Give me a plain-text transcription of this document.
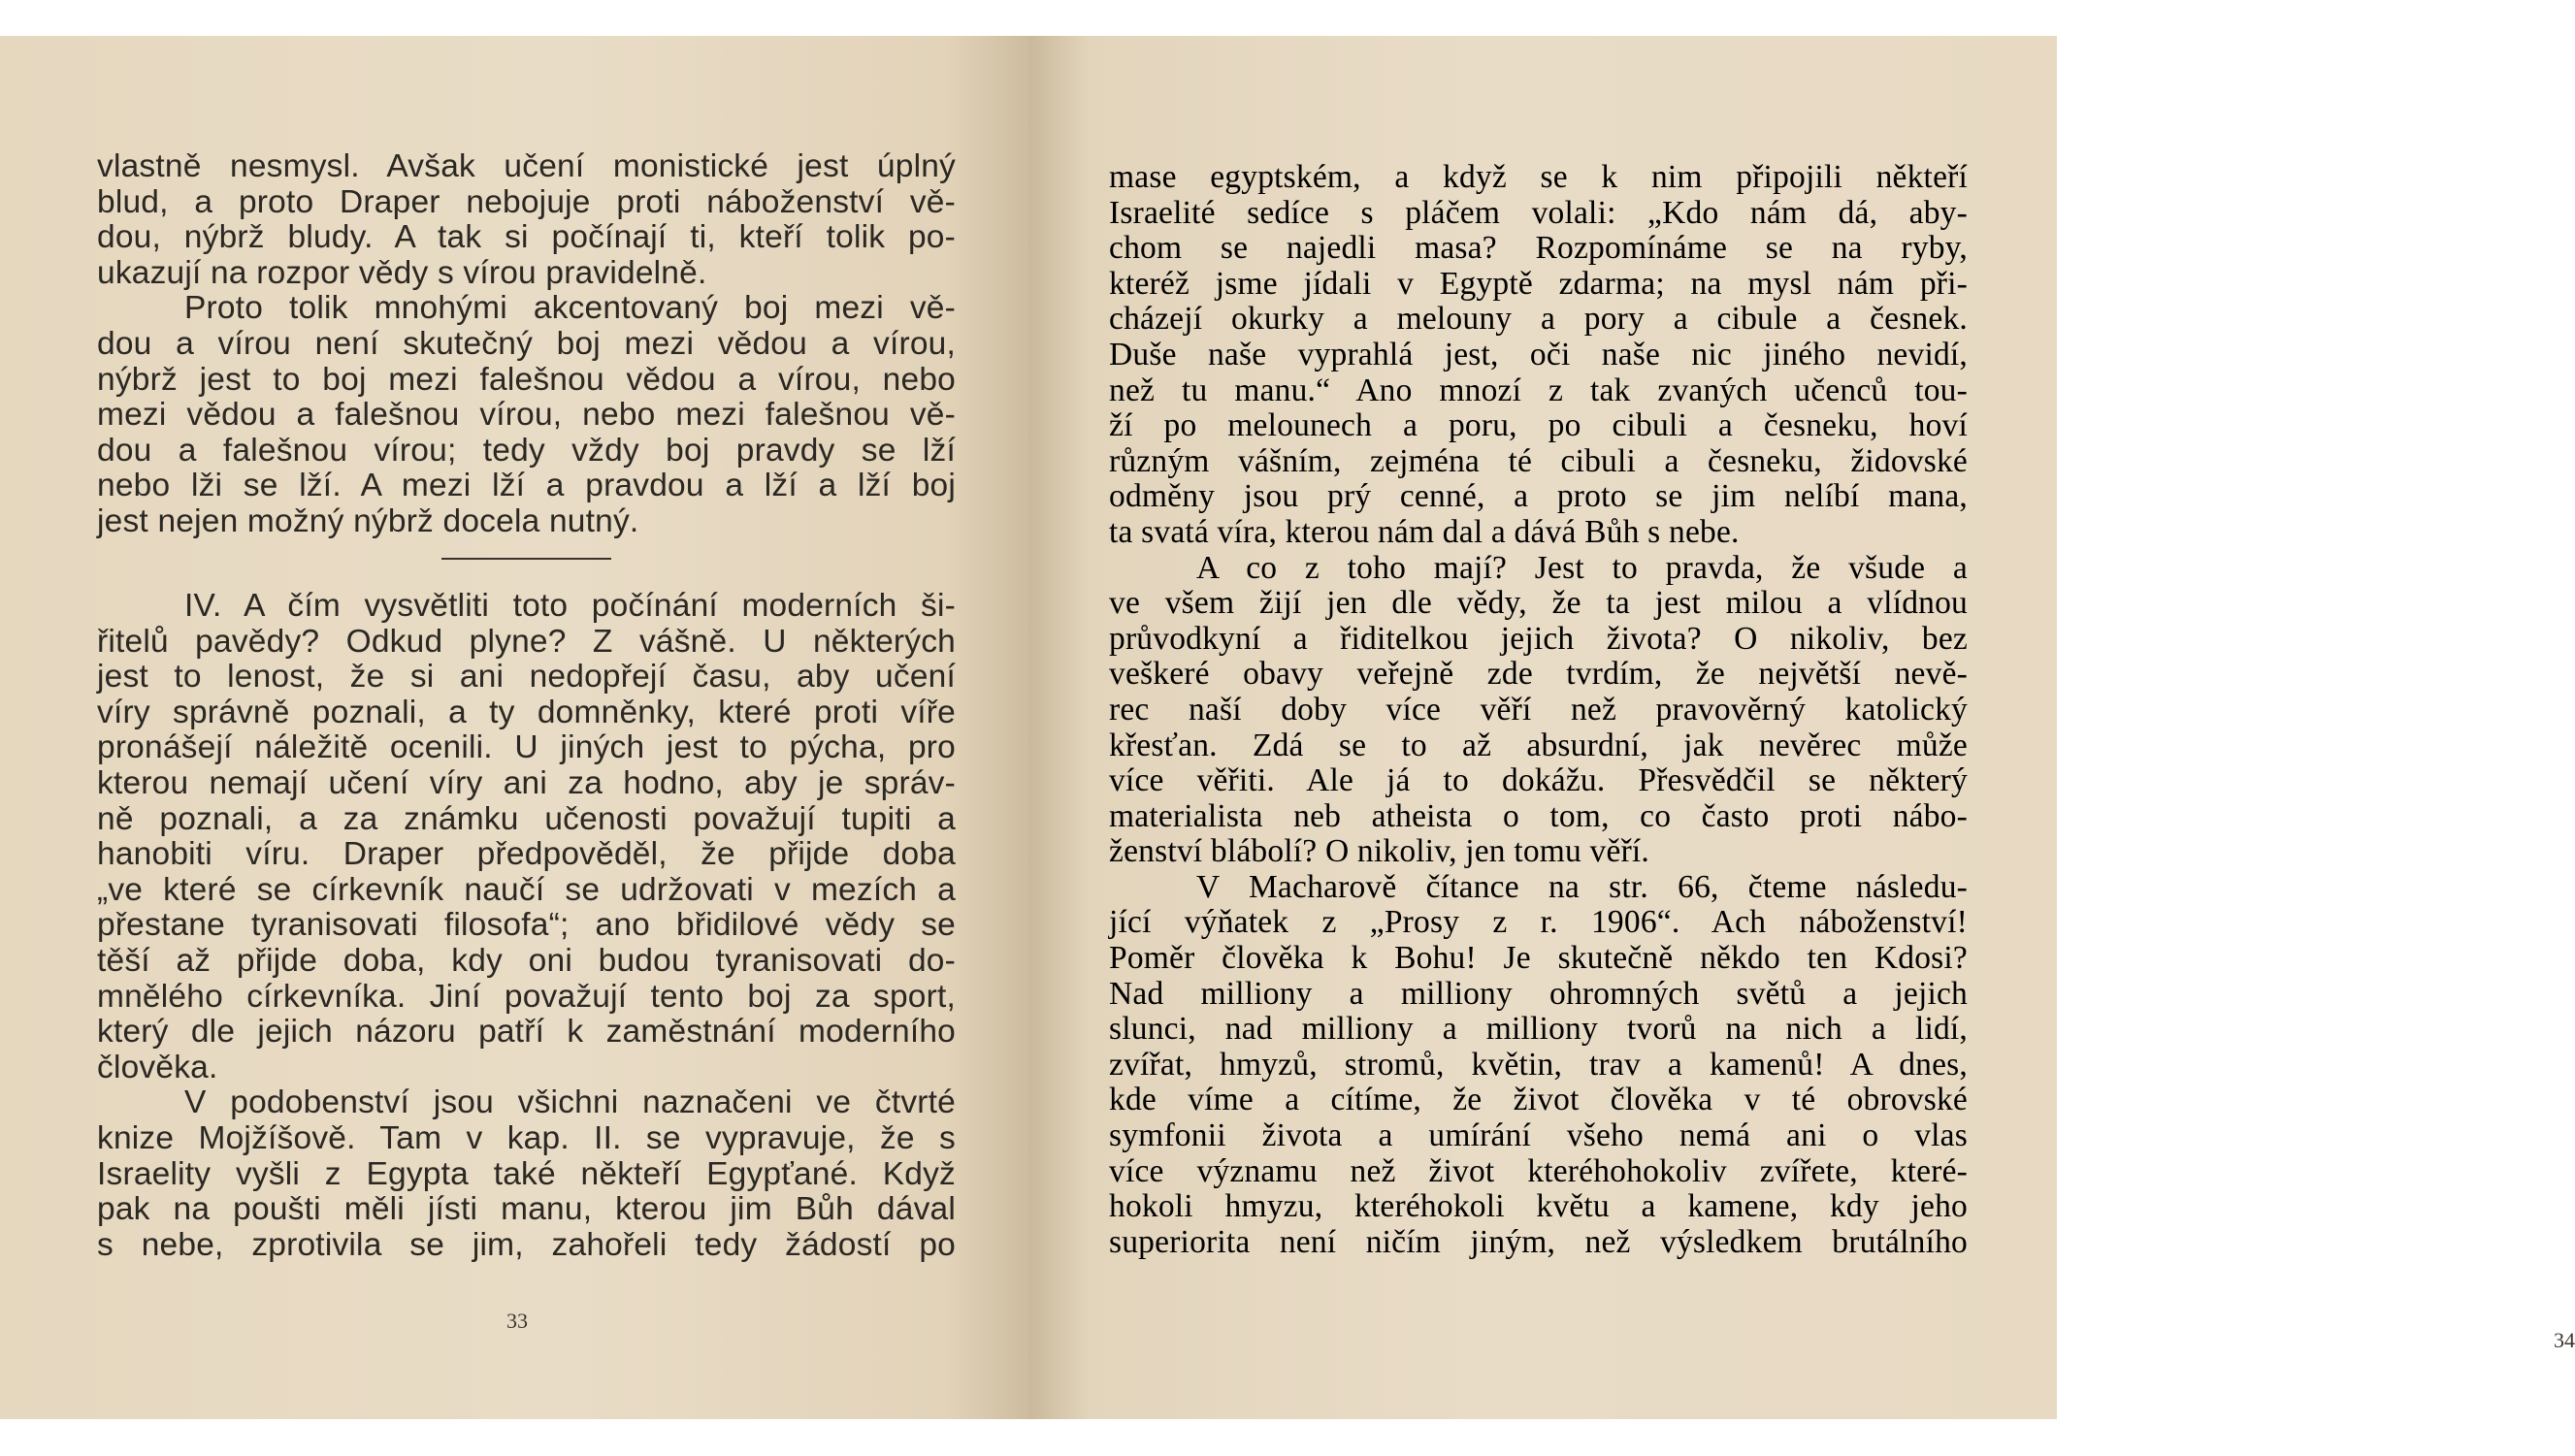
vlastně nesmysl. Avšak učení monistické jest úplný
blud, a proto Draper nebojuje proti náboženství vě-
dou, nýbrž bludy. A tak si počínají ti, kteří tolik po-
ukazují na rozpor vědy s vírou pravidelně.
Proto tolik mnohými akcentovaný boj mezi vě-
dou a vírou není skutečný boj mezi vědou a vírou,
nýbrž jest to boj mezi falešnou vědou a vírou, nebo
mezi vědou a falešnou vírou, nebo mezi falešnou vě-
dou a falešnou vírou; tedy vždy boj pravdy se lží
nebo lži se lží. A mezi lží a pravdou a lží a lží boj
jest nejen možný nýbrž docela nutný.
IV. A čím vysvětliti toto počínání moderních ši-
řitelů pavědy? Odkud plyne? Z vášně. U některých
jest to lenost, že si ani nedopřejí času, aby učení
víry správně poznali, a ty domněnky, které proti víře
pronášejí náležitě ocenili. U jiných jest to pýcha, pro
kterou nemají učení víry ani za hodno, aby je správ-
ně poznali, a za známku učenosti považují tupiti a
hanobiti víru. Draper předpověděl, že přijde doba
„ve které se církevník naučí se udržovati v mezích a
přestane tyranisovati filosofa“; ano břidilové vědy se
těší až přijde doba, kdy oni budou tyranisovati do-
mnělého církevníka. Jiní považují tento boj za sport,
který dle jejich názoru patří k zaměstnání moderního
člověka.
V podobenství jsou všichni naznačeni ve čtvrté
knize Mojžíšově. Tam v kap. II. se vypravuje, že s
Israelity vyšli z Egypta také někteří Egypťané. Když
pak na poušti měli jísti manu, kterou jim Bůh dával
s nebe, zprotivila se jim, zahořeli tedy žádostí po
33
34
mase egyptském, a když se k nim připojili někteří
Israelité sedíce s pláčem volali: „Kdo nám dá, aby-
chom se najedli masa? Rozpomínáme se na ryby,
kteréž jsme jídali v Egyptě zdarma; na mysl nám při-
cházejí okurky a melouny a pory a cibule a česnek.
Duše naše vyprahlá jest, oči naše nic jiného nevidí,
než tu manu.“ Ano mnozí z tak zvaných učenců tou-
ží po melounech a poru, po cibuli a česneku, hoví
různým vášním, zejména té cibuli a česneku, židovské
odměny jsou prý cenné, a proto se jim nelíbí mana,
ta svatá víra, kterou nám dal a dává Bůh s nebe.
A co z toho mají? Jest to pravda, že všude a
ve všem žijí jen dle vědy, že ta jest milou a vlídnou
průvodkyní a řiditelkou jejich života? O nikoliv, bez
veškeré obavy veřejně zde tvrdím, že největší nevě-
rec naší doby více věří než pravověrný katolický
křesťan. Zdá se to až absurdní, jak nevěrec může
více věřiti. Ale já to dokážu. Přesvědčil se některý
materialista neb atheista o tom, co často proti nábo-
ženství blábolí? O nikoliv, jen tomu věří.
V Macharově čítance na str. 66, čteme následu-
jící výňatek z „Prosy z r. 1906“. Ach náboženství!
Poměr člověka k Bohu! Je skutečně někdo ten Kdosi?
Nad milliony a milliony ohromných světů a jejich
slunci, nad milliony a milliony tvorů na nich a lidí,
zvířat, hmyzů, stromů, květin, trav a kamenů! A dnes,
kde víme a cítíme, že život člověka v té obrovské
symfonii života a umírání všeho nemá ani o vlas
více významu než život kteréhohokoliv zvířete, které-
hokoli hmyzu, kteréhokoli květu a kamene, kdy jeho
superiorita není ničím jiným, než výsledkem brutálního
